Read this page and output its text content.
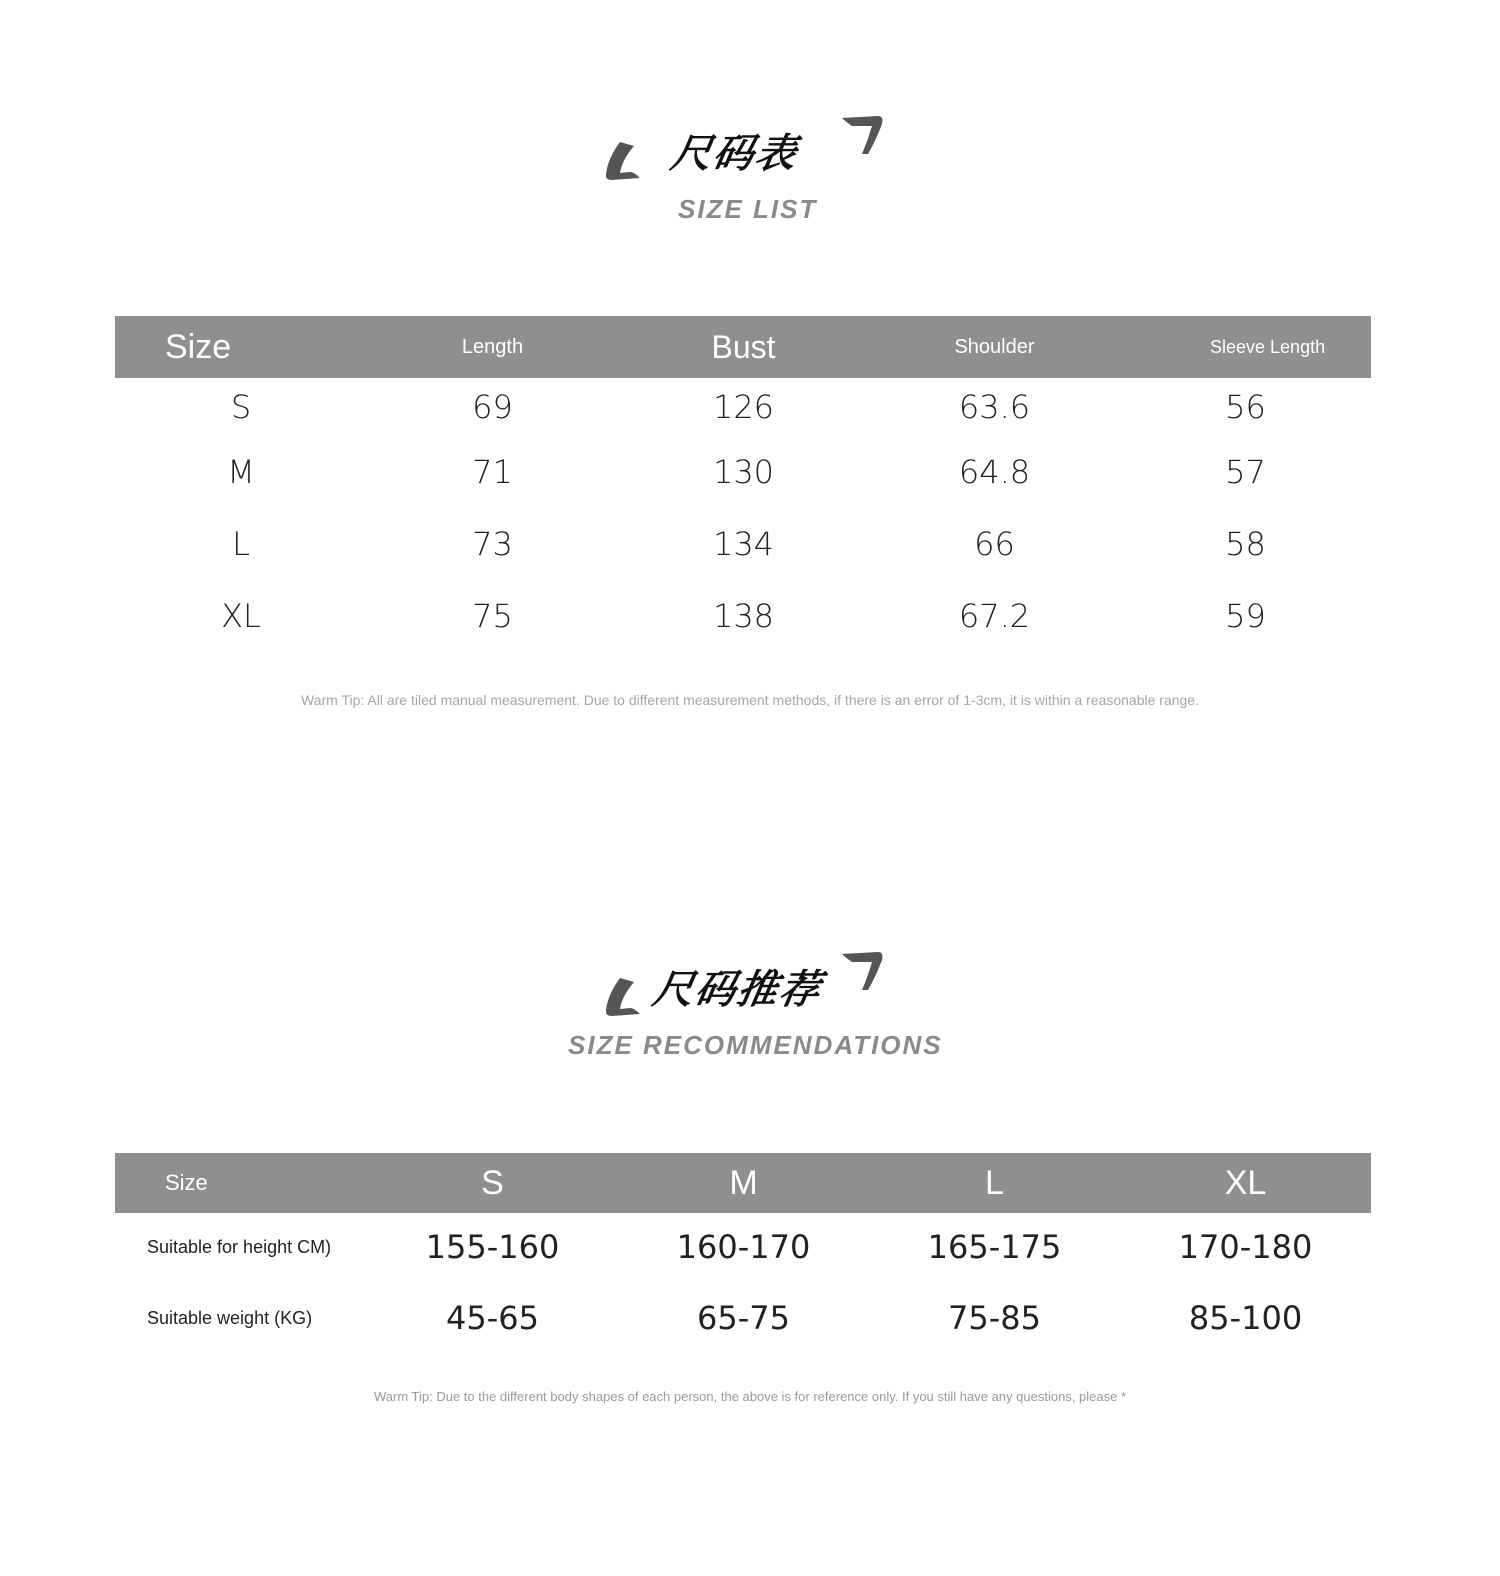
尺码表
SIZE LIST
Size	Length	Bust	Shoulder	Sleeve Length
S	69	126	63.6	56
M	71	130	64.8	57
L	73	134	66	58
XL	75	138	67.2	59
Warm Tip: All are tiled manual measurement. Due to different measurement methods, if there is an error of 1-3cm, it is within a reasonable range.
尺码推荐
SIZE RECOMMENDATIONS
Size	S	M	L	XL
Suitable for height CM)	155-160	160-170	165-175	170-180
Suitable weight (KG)	45-65	65-75	75-85	85-100
Warm Tip: Due to the different body shapes of each person, the above is for reference only. If you still have any questions, please *
